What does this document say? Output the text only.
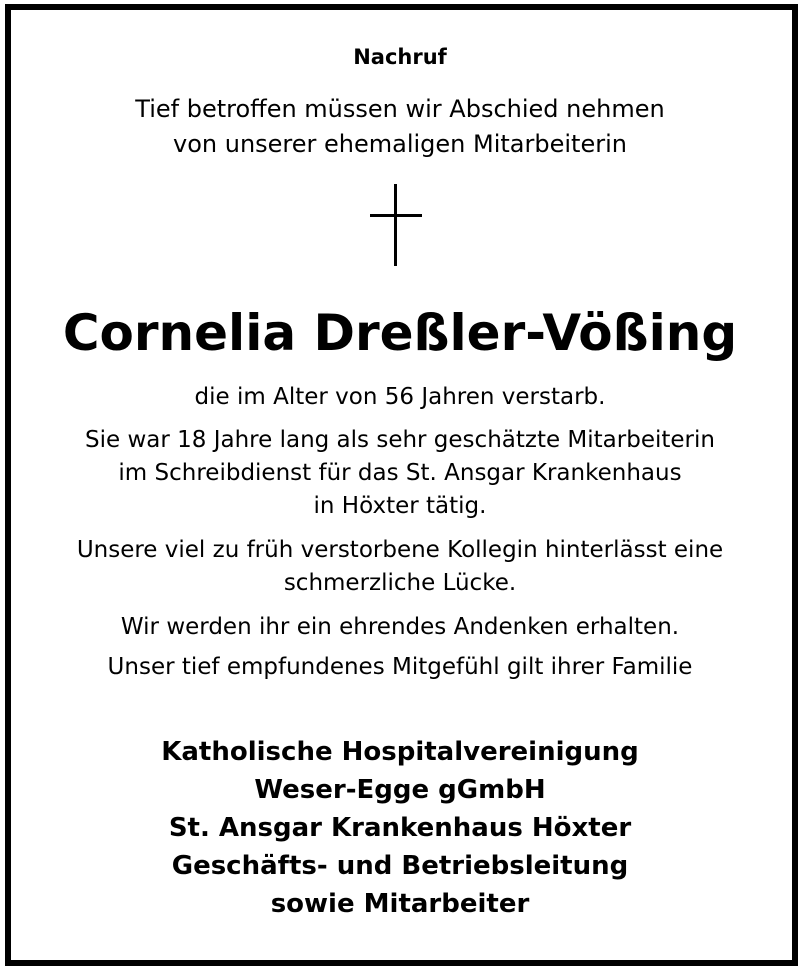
Nachruf
Tief betroffen müssen wir Abschied nehmen
von unserer ehemaligen Mitarbeiterin
Cornelia Dreßler-Vößing
die im Alter von 56 Jahren verstarb.
Sie war 18 Jahre lang als sehr geschätzte Mitarbeiterin
im Schreibdienst für das St. Ansgar Krankenhaus
in Höxter tätig.
Unsere viel zu früh verstorbene Kollegin hinterlässt eine
schmerzliche Lücke.
Wir werden ihr ein ehrendes Andenken erhalten.
Unser tief empfundenes Mitgefühl gilt ihrer Familie
Katholische Hospitalvereinigung
Weser-Egge gGmbH
St. Ansgar Krankenhaus Höxter
Geschäfts- und Betriebsleitung
sowie Mitarbeiter
